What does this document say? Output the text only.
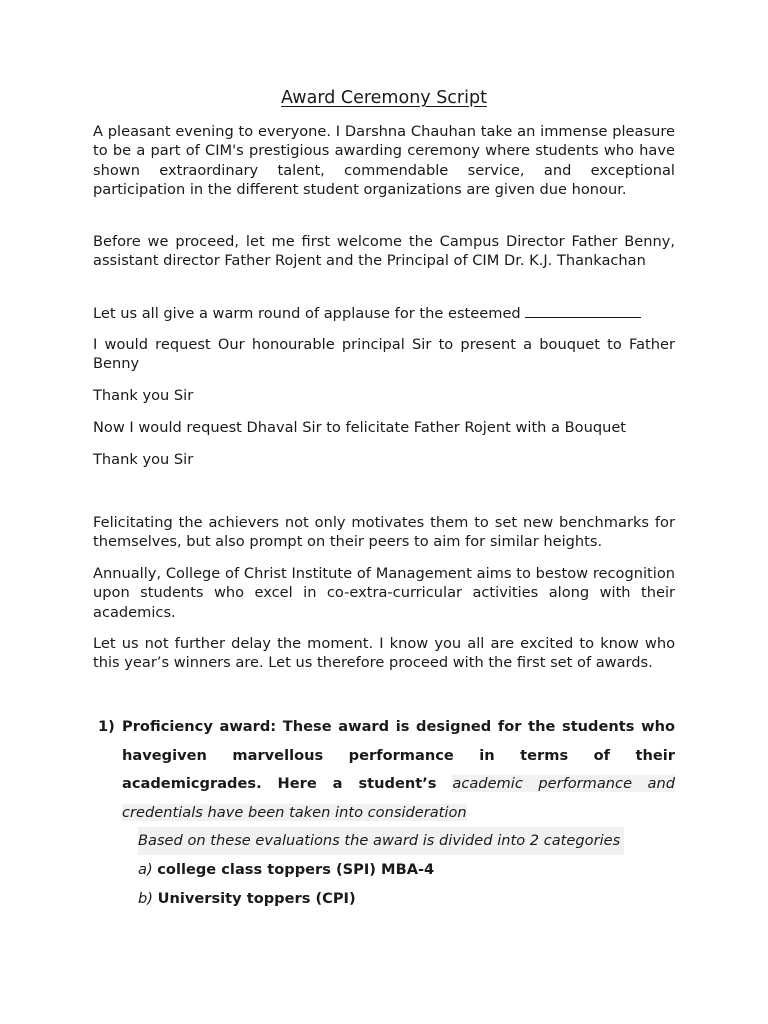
Award Ceremony Script

A pleasant evening to everyone. I Darshna Chauhan take an immense pleasure to be a part of CIM's prestigious awarding ceremony where students who have shown extraordinary talent, commendable service, and exceptional participation in the different student organizations are given due honour.

Before we proceed, let me first welcome the Campus Director Father Benny, assistant director Father Rojent and the Principal of CIM Dr. K.J. Thankachan

Let us all give a warm round of applause for the esteemed

I would request Our honourable principal Sir to present a bouquet to Father Benny

Thank you Sir

Now I would request Dhaval Sir to felicitate Father Rojent with a Bouquet

Thank you Sir

Felicitating the achievers not only motivates them to set new benchmarks for themselves, but also prompt on their peers to aim for similar heights.

Annually, College of Christ Institute of Management aims to bestow recognition upon students who excel in co-extra-curricular activities along with their academics.

Let us not further delay the moment. I know you all are excited to know who this year’s winners are. Let us therefore proceed with the first set of awards.

1) Proficiency award: These award is designed for the students who havegiven marvellous performance in terms of their academicgrades. Here a student’s academic performance and credentials have been taken into consideration
Based on these evaluations the award is divided into 2 categories
a) college class toppers (SPI) MBA-4
b) University toppers (CPI)
